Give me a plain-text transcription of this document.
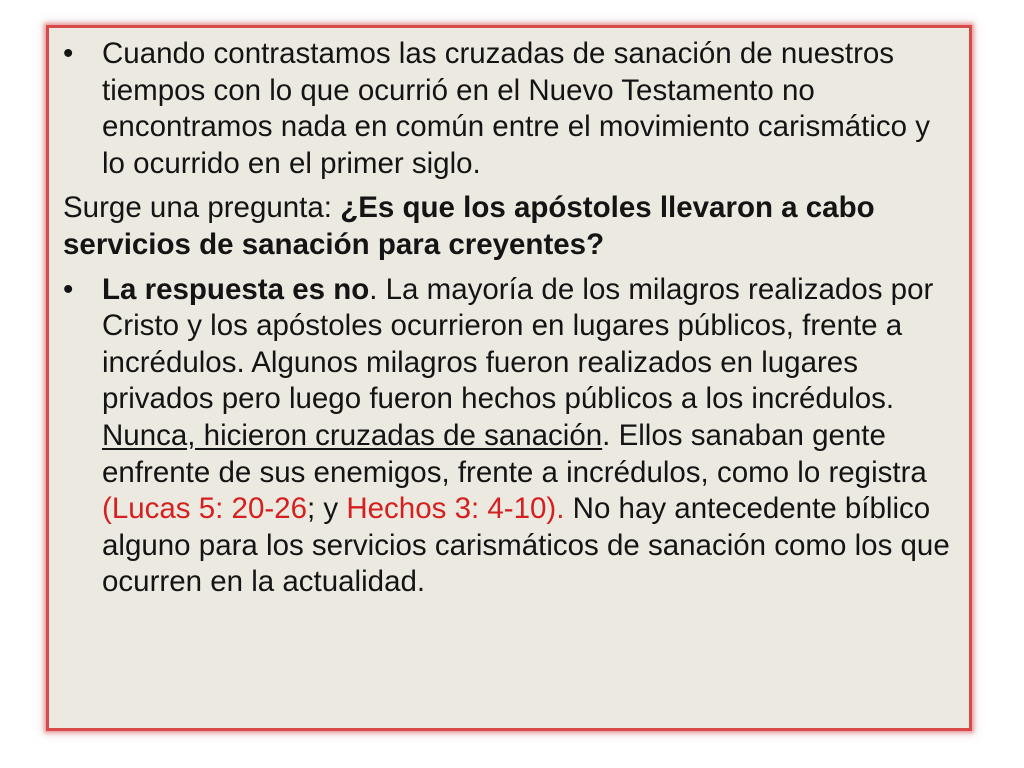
• Cuando contrastamos las cruzadas de sanación de nuestros tiempos con lo que ocurrió en el Nuevo Testamento no encontramos nada en común entre el movimiento carismático y lo ocurrido en el primer siglo.

Surge una pregunta: ¿Es que los apóstoles llevaron a cabo servicios de sanación para creyentes?

• La respuesta es no. La mayoría de los milagros realizados por Cristo y los apóstoles ocurrieron en lugares públicos, frente a incrédulos. Algunos milagros fueron realizados en lugares privados pero luego fueron hechos públicos a los incrédulos. Nunca, hicieron cruzadas de sanación. Ellos sanaban gente enfrente de sus enemigos, frente a incrédulos, como lo registra (Lucas 5: 20-26; y Hechos 3: 4-10). No hay antecedente bíblico alguno para los servicios carismáticos de sanación como los que ocurren en la actualidad.
